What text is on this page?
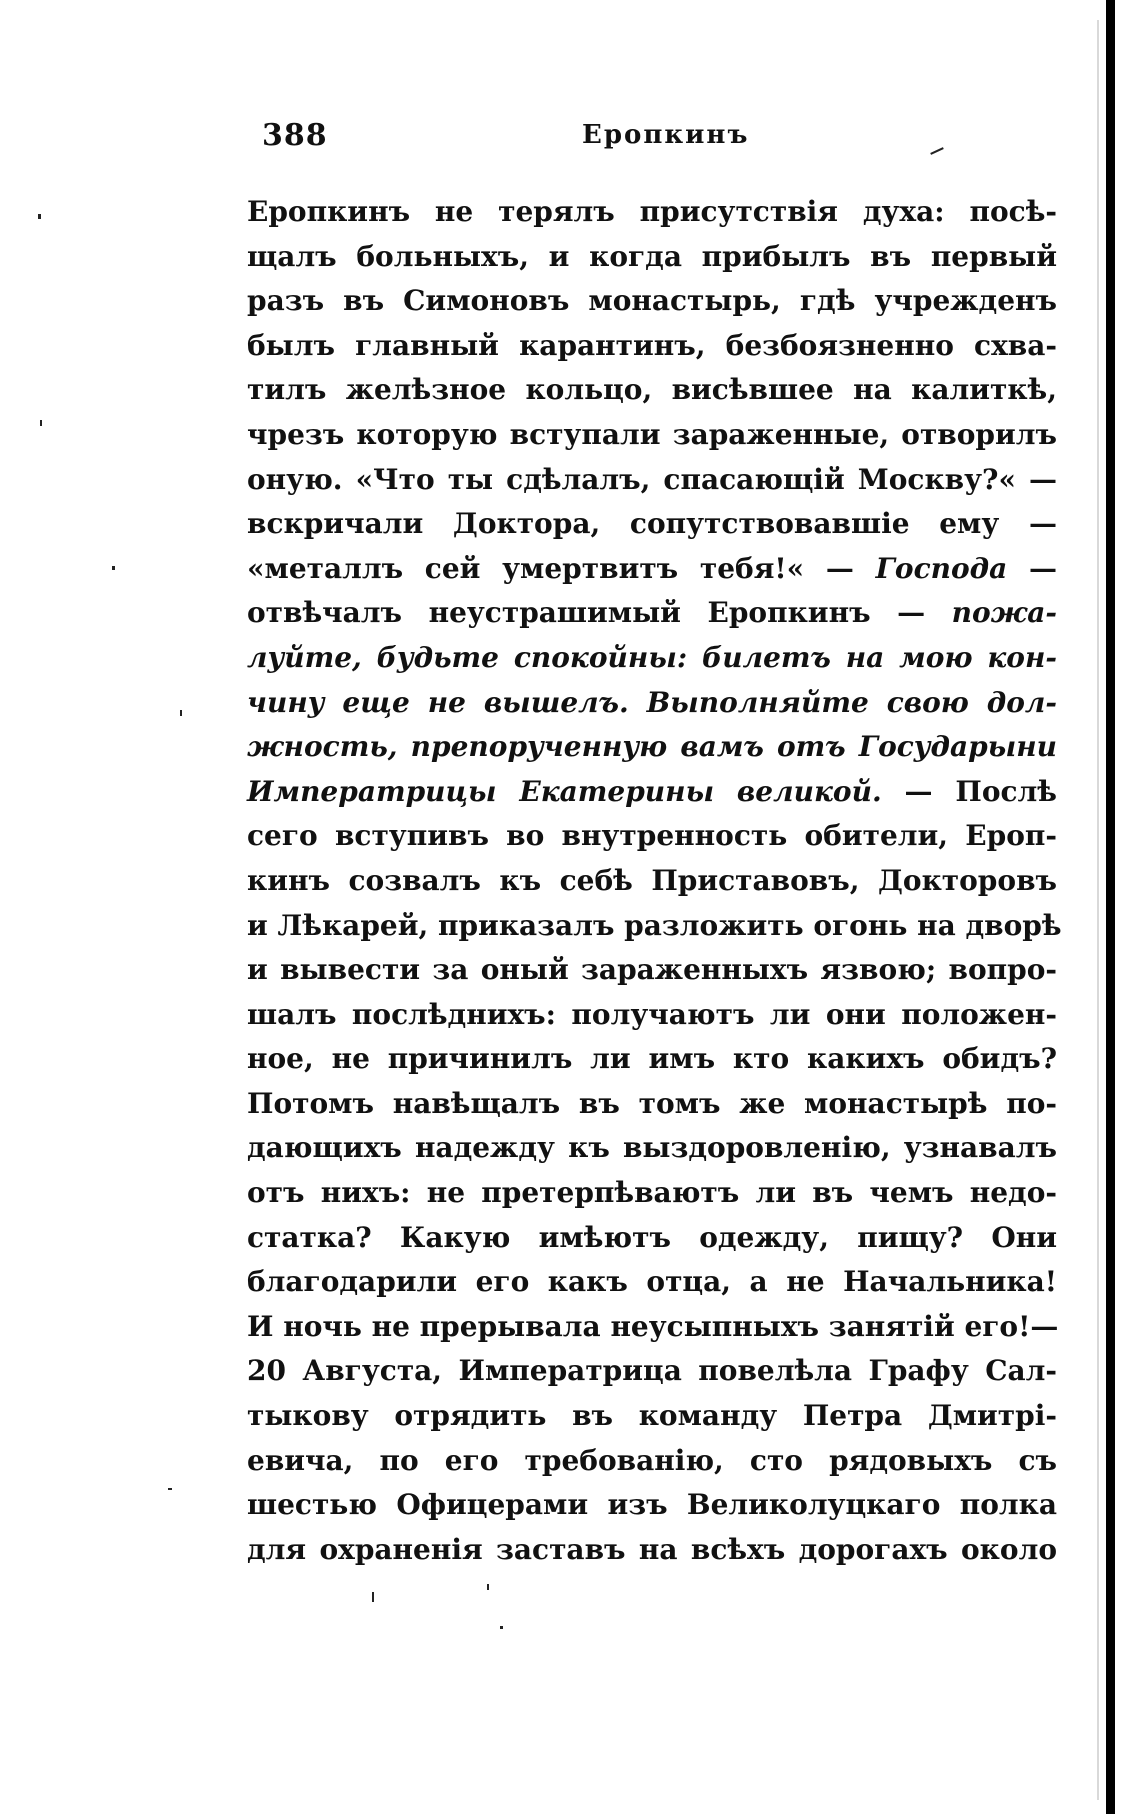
388	Еропкинъ
Еропкинъ не терялъ присутствія духа: посѣ-
щалъ больныхъ, и когда прибылъ въ первый
разъ въ Симоновъ монастырь, гдѣ учрежденъ
былъ главный карантинъ, безбоязненно схва-
тилъ желѣзное кольцо, висѣвшее на калиткѣ,
чрезъ которую вступали зараженные, отворилъ
оную. «Что ты сдѣлалъ, спасающій Москву?« —
вскричали Доктора, сопутствовавшіе ему —
«металлъ сей умертвитъ тебя!« — Господа —
отвѣчалъ неустрашимый Еропкинъ — пожа-
луйте, будьте спокойны: билетъ на мою кон-
чину еще не вышелъ. Выполняйте свою дол-
жность, препорученную вамъ отъ Государыни
Императрицы Екатерины великой. — Послѣ
сего вступивъ во внутренность обители, Ероп-
кинъ созвалъ къ себѣ Приставовъ, Докторовъ
и Лѣкарей, приказалъ разложить огонь на дворѣ
и вывести за оный зараженныхъ язвою; вопро-
шалъ послѣднихъ: получаютъ ли они положен-
ное, не причинилъ ли имъ кто какихъ обидъ?
Потомъ навѣщалъ въ томъ же монастырѣ по-
дающихъ надежду къ выздоровленію, узнавалъ
отъ нихъ: не претерпѣваютъ ли въ чемъ недо-
статка? Какую имѣютъ одежду, пищу? Они
благодарили его какъ отца, а не Начальника!
И ночь не прерывала неусыпныхъ занятій его!—
20 Августа, Императрица повелѣла Графу Сал-
тыкову отрядить въ команду Петра Дмитрі-
евича, по его требованію, сто рядовыхъ съ
шестью Офицерами изъ Великолуцкаго полка
для охраненія заставъ на всѣхъ дорогахъ около
